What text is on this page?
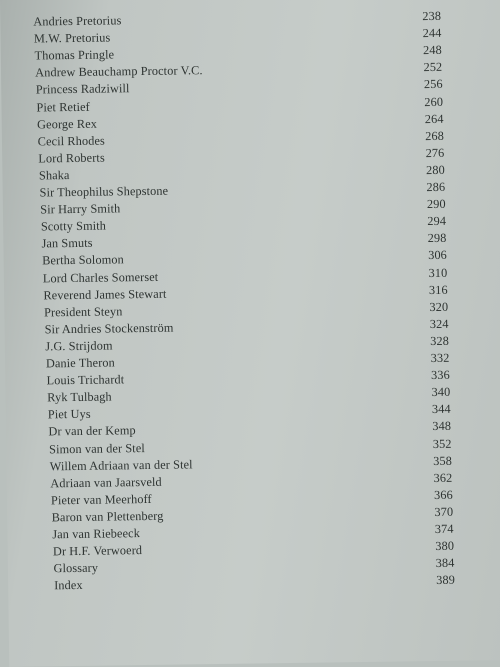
Andries Pretorius	238
M.W. Pretorius	244
Thomas Pringle	248
Andrew Beauchamp Proctor V.C.	252
Princess Radziwill	256
Piet Retief	260
George Rex	264
Cecil Rhodes	268
Lord Roberts	276
Shaka	280
Sir Theophilus Shepstone	286
Sir Harry Smith	290
Scotty Smith	294
Jan Smuts	298
Bertha Solomon	306
Lord Charles Somerset	310
Reverend James Stewart	316
President Steyn	320
Sir Andries Stockenström	324
J.G. Strijdom	328
Danie Theron	332
Louis Trichardt	336
Ryk Tulbagh	340
Piet Uys	344
Dr van der Kemp	348
Simon van der Stel	352
Willem Adriaan van der Stel	358
Adriaan van Jaarsveld	362
Pieter van Meerhoff	366
Baron van Plettenberg	370
Jan van Riebeeck	374
Dr H.F. Verwoerd	380
Glossary	384
Index	389
